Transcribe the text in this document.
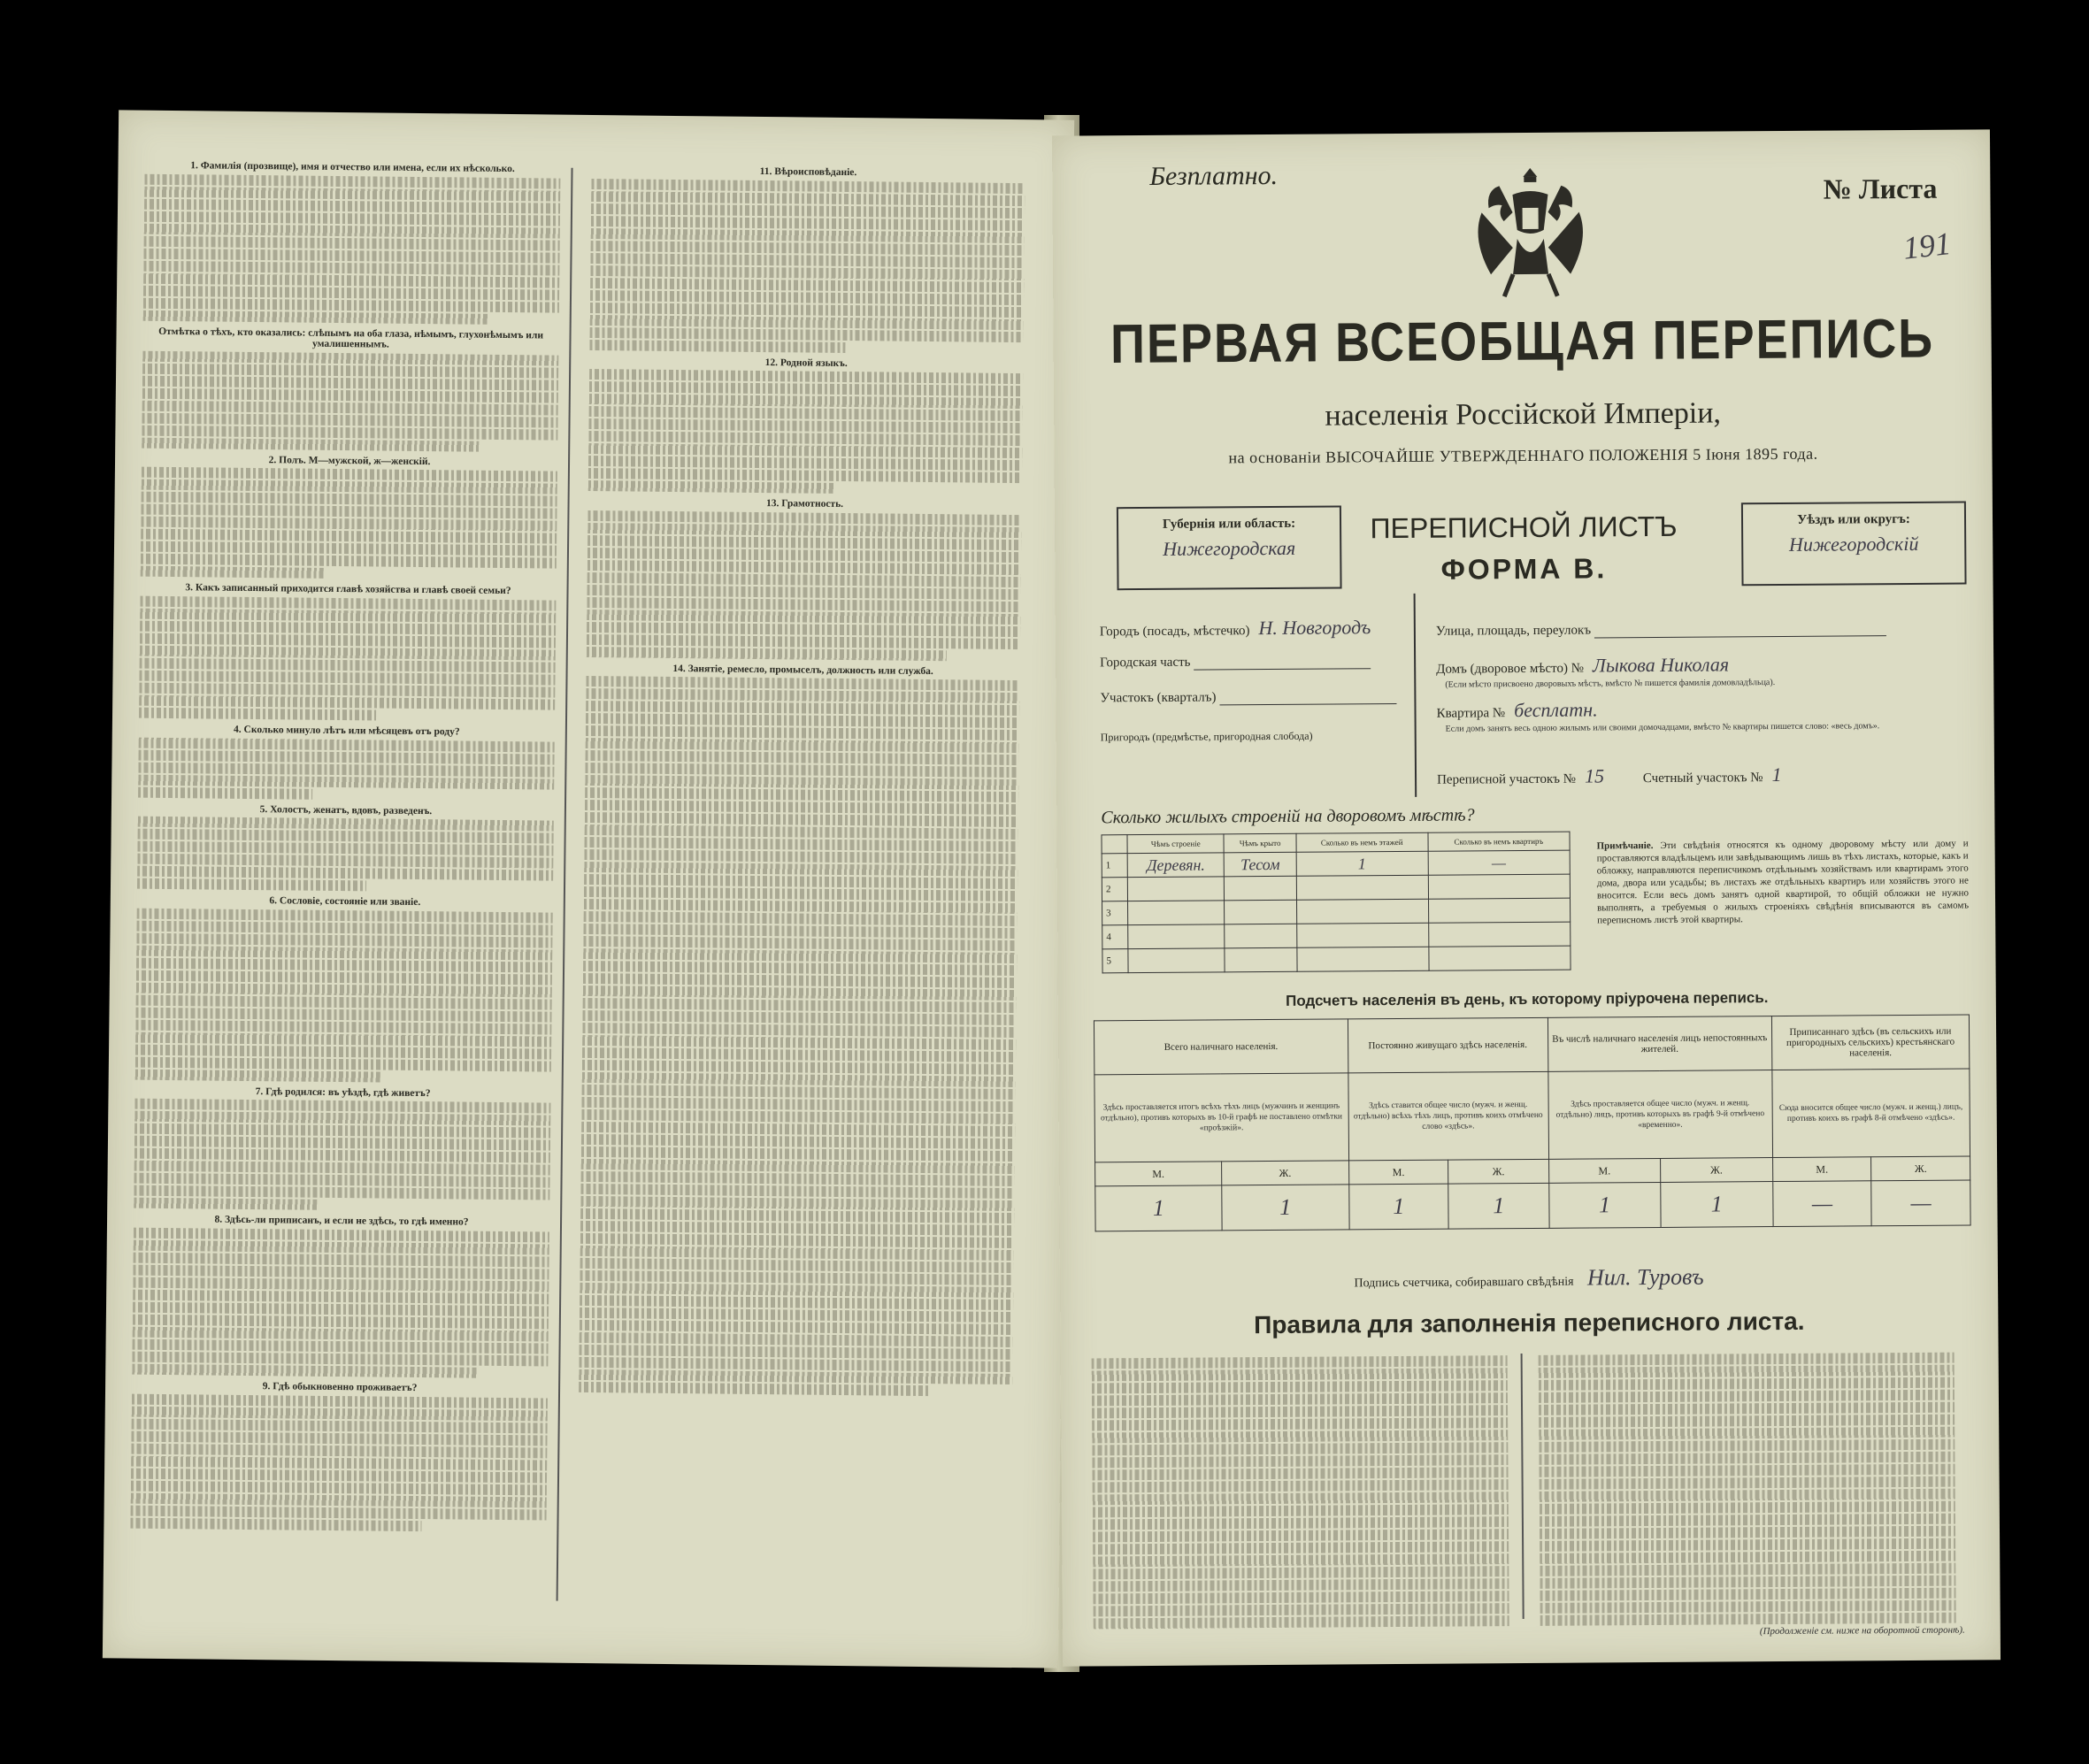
1. Фамилія (прозвище), имя и отчество или имена, если их нѣсколько.
Отмѣтка о тѣхъ, кто оказались: слѣпымъ на оба глаза, нѣмымъ, глухонѣмымъ или умалишеннымъ.
2. Полъ. М—мужской, ж—женскій.
3. Какъ записанный приходится главѣ хозяйства и главѣ своей семьи?
4. Сколько минуло лѣтъ или мѣсяцевъ отъ роду?
5. Холостъ, женатъ, вдовъ, разведенъ.
6. Сословіе, состояніе или званіе.
7. Гдѣ родился: въ уѣздѣ, гдѣ живетъ?
8. Здѣсь-ли приписанъ, и если не здѣсь, то гдѣ именно?
9. Гдѣ обыкновенно проживаетъ?
11. Вѣроисповѣданіе.
12. Родной языкъ.
13. Грамотность.
14. Занятіе, ремесло, промыселъ, должность или служба.
Безплатно.	№ Листа
191
ПЕРВАЯ ВСЕОБЩАЯ ПЕРЕПИСЬ
населенія Россійской Имперіи,
на основаніи ВЫСОЧАЙШЕ УТВЕРЖДЕННАГО ПОЛОЖЕНІЯ 5 Іюня 1895 года.
Губернія или область:
Нижегородская
ПЕРЕПИСНОЙ ЛИСТЪ
ФОРМА В.
Уѣздъ или округъ:
Нижегородскій
Городъ (посадъ, мѣстечко) Н. Новгородъ
Городская часть
Участокъ (кварталъ)
Пригородъ (предмѣстье, пригородная слобода)
Улица, площадь, переулокъ
Домъ (дворовое мѣсто) № Лыкова Николая
(Если мѣсто присвоено дворовыхъ мѣстъ, вмѣсто № пишется фамилія домовладѣльца).
Квартира № бесплатн.
Если домъ занятъ весь одною жилымъ или своими домочадцами, вмѣсто № квартиры пишется слово: «весь домъ».
Переписной участокъ № 15	Счетный участокъ № 1
Сколько жилыхъ строеній на дворовомъ мѣстѣ?
	Чѣмъ строеніе	Чѣмъ крыто	Сколько въ немъ этажей	Сколько въ немъ квартиръ
1	Деревян.	Тесом	1	—
2				
3				
4				
5				
Примѣчаніе. Эти свѣдѣнія относятся къ одному дворовому мѣсту или дому и проставляются владѣльцемъ или завѣдывающимъ лишь въ тѣхъ листахъ, которые, какъ и обложку, направляются переписчикомъ отдѣльнымъ хозяйствамъ или квартирамъ этого дома, двора или усадьбы; въ листахъ же отдѣльныхъ квартиръ или хозяйствъ этого не вносится. Если весь домъ занятъ одной квартирой, то общій обложки не нужно выполнять, а требуемыя о жилыхъ строеніяхъ свѣдѣнія вписываются въ самомъ переписномъ листѣ этой квартиры.
Подсчетъ населенія въ день, къ которому пріурочена перепись.
Всего наличнаго населенія.		Постоянно живущаго здѣсь населенія.		Въ числѣ наличнаго населенія лицъ непостоянныхъ жителей.		Приписаннаго здѣсь (въ сельскихъ или пригородныхъ сельскихъ) крестьянскаго населенія.	
Здѣсь проставляется итогъ всѣхъ тѣхъ лицъ (мужчинъ и женщинъ отдѣльно), противъ которыхъ въ 10-й графѣ не поставлено отмѣтки «проѣзжій».		Здѣсь ставится общее число (мужч. и женщ. отдѣльно) всѣхъ тѣхъ лицъ, противъ коихъ отмѣчено слово «здѣсь».		Здѣсь проставляется общее число (мужч. и женщ. отдѣльно) лицъ, противъ которыхъ въ графѣ 9-й отмѣчено «временно».		Сюда вносится общее число (мужч. и женщ.) лицъ, противъ коихъ въ графѣ 8-й отмѣчено «здѣсь».	
М.	Ж.	М.	Ж.	М.	Ж.	М.	Ж.
1	1	1	1	1	1	—	—
Подпись счетчика, собиравшаго свѣдѣнія Нил. Туровъ
Правила для заполненія переписного листа.
(Продолженіе см. ниже на оборотной сторонѣ).
